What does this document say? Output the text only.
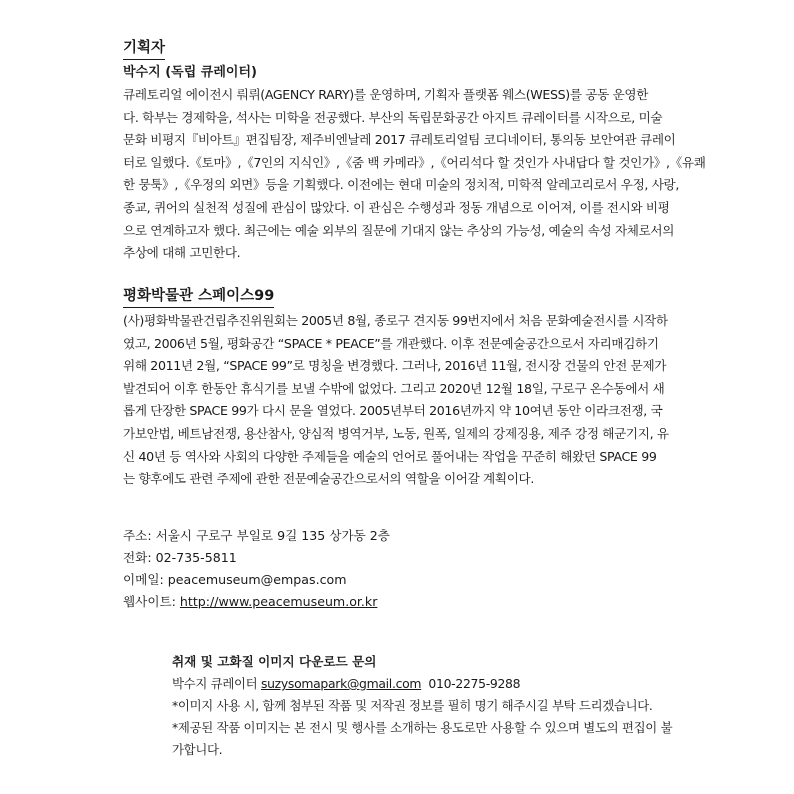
기획자

박수지 (독립 큐레이터)

큐레토리얼 에이전시 뤄뤼(AGENCY RARY)를 운영하며, 기획자 플랫폼 웨스(WESS)를 공동 운영한
다. 학부는 경제학을, 석사는 미학을 전공했다. 부산의 독립문화공간 아지트 큐레이터를 시작으로, 미술
문화 비평지『비아트』편집팀장, 제주비엔날레 2017 큐레토리얼팀 코디네이터, 통의동 보안여관 큐레이
터로 일했다.《토마》,《7인의 지식인》,《줌 백 카메라》,《어리석다 할 것인가 사내답다 할 것인가》,《유쾌
한 뭉툭》,《우정의 외면》등을 기획했다. 이전에는 현대 미술의 정치적, 미학적 알레고리로서 우정, 사랑,
종교, 퀴어의 실천적 성질에 관심이 많았다. 이 관심은 수행성과 정동 개념으로 이어져, 이를 전시와 비평
으로 연계하고자 했다. 최근에는 예술 외부의 질문에 기대지 않는 추상의 가능성, 예술의 속성 자체로서의
추상에 대해 고민한다.

평화박물관 스페이스99

(사)평화박물관건립추진위원회는 2005년 8월, 종로구 견지동 99번지에서 처음 문화예술전시를 시작하
였고, 2006년 5월, 평화공간 “SPACE * PEACE”를 개관했다. 이후 전문예술공간으로서 자리매김하기
위해 2011년 2월, “SPACE 99”로 명칭을 변경했다. 그러나, 2016년 11월, 전시장 건물의 안전 문제가
발견되어 이후 한동안 휴식기를 보낼 수밖에 없었다. 그리고 2020년 12월 18일, 구로구 온수동에서 새
롭게 단장한 SPACE 99가 다시 문을 열었다. 2005년부터 2016년까지 약 10여년 동안 이라크전쟁, 국
가보안법, 베트남전쟁, 용산참사, 양심적 병역거부, 노동, 원폭, 일제의 강제징용, 제주 강정 해군기지, 유
신 40년 등 역사와 사회의 다양한 주제들을 예술의 언어로 풀어내는 작업을 꾸준히 해왔던 SPACE 99
는 향후에도 관련 주제에 관한 전문예술공간으로서의 역할을 이어갈 계획이다.

주소: 서울시 구로구 부일로 9길 135 상가동 2층

전화: 02-735-5811

이메일: peacemuseum@empas.com

웹사이트: http://www.peacemuseum.or.kr

취재 및 고화질 이미지 다운로드 문의

박수지 큐레이터 suzysomapark@gmail.com  010-2275-9288

*이미지 사용 시, 함께 첨부된 작품 및 저작권 정보를 필히 명기 해주시길 부탁 드리겠습니다.

*제공된 작품 이미지는 본 전시 및 행사를 소개하는 용도로만 사용할 수 있으며 별도의 편집이 불

가합니다.
